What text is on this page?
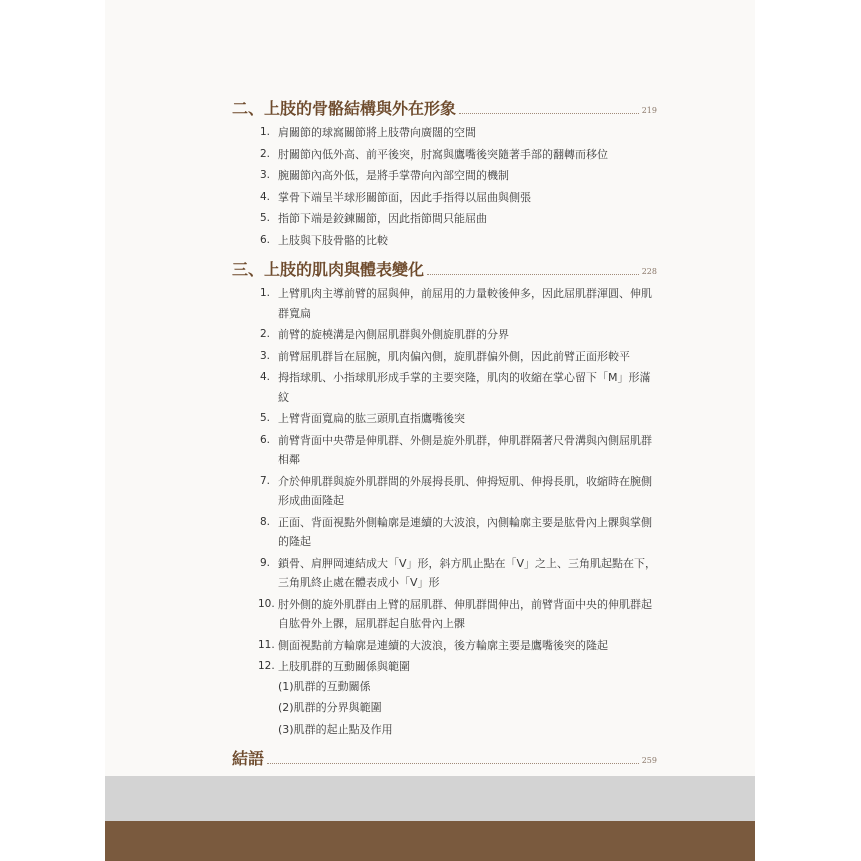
二、上肢的骨骼結構與外在形象	219
1. 肩關節的球窩關節將上肢帶向廣闊的空間
2. 肘關節內低外高、前平後突，肘窩與鷹嘴後突隨著手部的翻轉而移位
3. 腕關節內高外低，是將手掌帶向內部空間的機制
4. 掌骨下端呈半球形關節面，因此手指得以屈曲與側張
5. 指節下端是鉸鍊關節，因此指節間只能屈曲
6. 上肢與下肢骨骼的比較
三、上肢的肌肉與體表變化	228
1. 上臂肌肉主導前臂的屈與伸，前屈用的力量較後伸多，因此屈肌群渾圓、伸肌群寬扁
2. 前臂的旋橈溝是內側屈肌群與外側旋肌群的分界
3. 前臂屈肌群旨在屈腕，肌肉偏內側，旋肌群偏外側，因此前臂正面形較平
4. 拇指球肌、小指球肌形成手掌的主要突隆，肌肉的收縮在掌心留下「M」形滿紋
5. 上臂背面寬扁的肱三頭肌直指鷹嘴後突
6. 前臂背面中央帶是伸肌群、外側是旋外肌群，伸肌群隔著尺骨溝與內側屈肌群相鄰
7. 介於伸肌群與旋外肌群間的外展拇長肌、伸拇短肌、伸拇長肌，收縮時在腕側形成曲面隆起
8. 正面、背面視點外側輪廓是連續的大波浪，內側輪廓主要是肱骨內上髁與掌側的隆起
9. 鎖骨、肩胛岡連結成大「V」形，斜方肌止點在「V」之上、三角肌起點在下，三角肌終止處在體表成小「V」形
10. 肘外側的旋外肌群由上臂的屈肌群、伸肌群間伸出，前臂背面中央的伸肌群起自肱骨外上髁，屈肌群起自肱骨內上髁
11. 側面視點前方輪廓是連續的大波浪，後方輪廓主要是鷹嘴後突的隆起
12. 上肢肌群的互動關係與範圍
(1)肌群的互動關係
(2)肌群的分界與範圍
(3)肌群的起止點及作用
結語	259
